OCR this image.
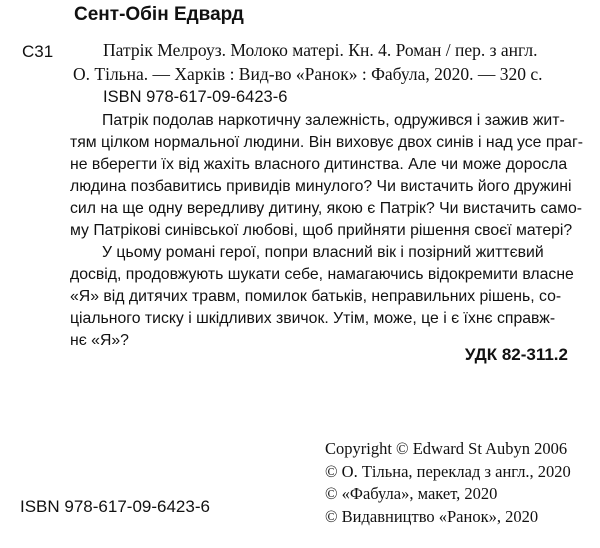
Сент-Обін Едвард
С31	Патрік Мелроуз. Молоко матері. Кн. 4. Роман / пер. з англ.
О. Тільна. — Харків : Вид-во «Ранок» : Фабула, 2020. — 320 с.
ISBN 978-617-09-6423-6

Патрік подолав наркотичну залежність, одружився і зажив жит-
тям цілком нормальної людини. Він виховує двох синів і над усе праг-
не вберегти їх від жахіть власного дитинства. Але чи може доросла
людина позбавитись привидів минулого? Чи вистачить його дружині
сил на ще одну вередливу дитину, якою є Патрік? Чи вистачить само-
му Патрікові синівської любові, щоб прийняти рішення своєї матері?

У цьому романі герої, попри власний вік і позірний життєвий
досвід, продовжують шукати себе, намагаючись відокремити власне
«Я» від дитячих травм, помилок батьків, неправильних рішень, со-
ціального тиску і шкідливих звичок. Утім, може, це і є їхнє справж-
нє «Я»?

УДК 82-311.2
ISBN 978-617-09-6423-6
Copyright © Edward St Aubyn 2006
© О. Тільна, переклад з англ., 2020
© «Фабула», макет, 2020
© Видавництво «Ранок», 2020
